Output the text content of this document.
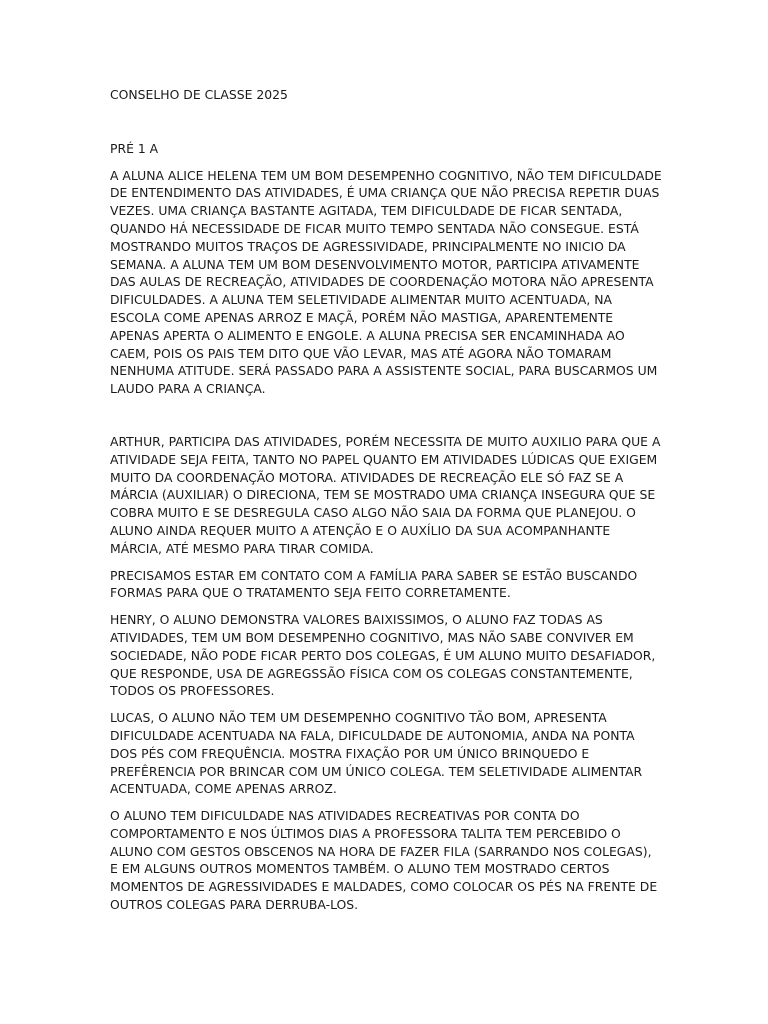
CONSELHO DE CLASSE 2025

PRÉ 1 A

A ALUNA ALICE HELENA TEM UM BOM DESEMPENHO COGNITIVO, NÃO TEM DIFICULDADE DE ENTENDIMENTO DAS ATIVIDADES, É UMA CRIANÇA QUE NÃO PRECISA REPETIR DUAS VEZES. UMA CRIANÇA BASTANTE AGITADA, TEM DIFICULDADE DE FICAR SENTADA, QUANDO HÁ NECESSIDADE DE FICAR MUITO TEMPO SENTADA NÃO CONSEGUE. ESTÁ MOSTRANDO MUITOS TRAÇOS DE AGRESSIVIDADE, PRINCIPALMENTE NO INICIO DA SEMANA. A ALUNA TEM UM BOM DESENVOLVIMENTO MOTOR, PARTICIPA ATIVAMENTE DAS AULAS DE RECREAÇÃO, ATIVIDADES DE COORDENAÇÃO MOTORA NÃO APRESENTA DIFICULDADES. A ALUNA TEM SELETIVIDADE ALIMENTAR MUITO ACENTUADA, NA ESCOLA COME APENAS ARROZ E MAÇÃ, PORÉM NÃO MASTIGA, APARENTEMENTE APENAS APERTA O ALIMENTO E ENGOLE. A ALUNA PRECISA SER ENCAMINHADA AO CAEM, POIS OS PAIS TEM DITO QUE VÃO LEVAR, MAS ATÉ AGORA NÃO TOMARAM NENHUMA ATITUDE. SERÁ PASSADO PARA A ASSISTENTE SOCIAL, PARA BUSCARMOS UM LAUDO PARA A CRIANÇA.

ARTHUR, PARTICIPA DAS ATIVIDADES, PORÉM NECESSITA DE MUITO AUXILIO PARA QUE A ATIVIDADE SEJA FEITA, TANTO NO PAPEL QUANTO EM ATIVIDADES LÚDICAS QUE EXIGEM MUITO DA COORDENAÇÃO MOTORA. ATIVIDADES DE RECREAÇÃO ELE SÓ FAZ SE A MÁRCIA (AUXILIAR) O DIRECIONA, TEM SE MOSTRADO UMA CRIANÇA INSEGURA QUE SE COBRA MUITO E SE DESREGULA CASO ALGO NÃO SAIA DA FORMA QUE PLANEJOU. O ALUNO AINDA REQUER MUITO A ATENÇÃO E O AUXÍLIO DA SUA ACOMPANHANTE MÁRCIA, ATÉ MESMO PARA TIRAR COMIDA.

PRECISAMOS ESTAR EM CONTATO COM A FAMÍLIA PARA SABER SE ESTÃO BUSCANDO FORMAS PARA QUE O TRATAMENTO SEJA FEITO CORRETAMENTE.

HENRY, O ALUNO DEMONSTRA VALORES BAIXISSIMOS, O ALUNO FAZ TODAS AS ATIVIDADES, TEM UM BOM DESEMPENHO COGNITIVO, MAS NÃO SABE CONVIVER EM SOCIEDADE, NÃO PODE FICAR PERTO DOS COLEGAS, É UM ALUNO MUITO DESAFIADOR, QUE RESPONDE, USA DE AGREGSSÃO FÍSICA COM OS COLEGAS CONSTANTEMENTE, TODOS OS PROFESSORES.

LUCAS, O ALUNO NÃO TEM UM DESEMPENHO COGNITIVO TÃO BOM, APRESENTA DIFICULDADE ACENTUADA NA FALA, DIFICULDADE DE AUTONOMIA, ANDA NA PONTA DOS PÉS COM FREQUÊNCIA. MOSTRA FIXAÇÃO POR UM ÚNICO BRINQUEDO E PREFÊRENCIA POR BRINCAR COM UM ÚNICO COLEGA. TEM SELETIVIDADE ALIMENTAR ACENTUADA, COME APENAS ARROZ.

O ALUNO TEM DIFICULDADE NAS ATIVIDADES RECREATIVAS POR CONTA DO COMPORTAMENTO E NOS ÚLTIMOS DIAS A PROFESSORA TALITA TEM PERCEBIDO O ALUNO COM GESTOS OBSCENOS NA HORA DE FAZER FILA (SARRANDO NOS COLEGAS), E EM ALGUNS OUTROS MOMENTOS TAMBÉM. O ALUNO TEM MOSTRADO CERTOS MOMENTOS DE AGRESSIVIDADES E MALDADES, COMO COLOCAR OS PÉS NA FRENTE DE OUTROS COLEGAS PARA DERRUBA-LOS.
